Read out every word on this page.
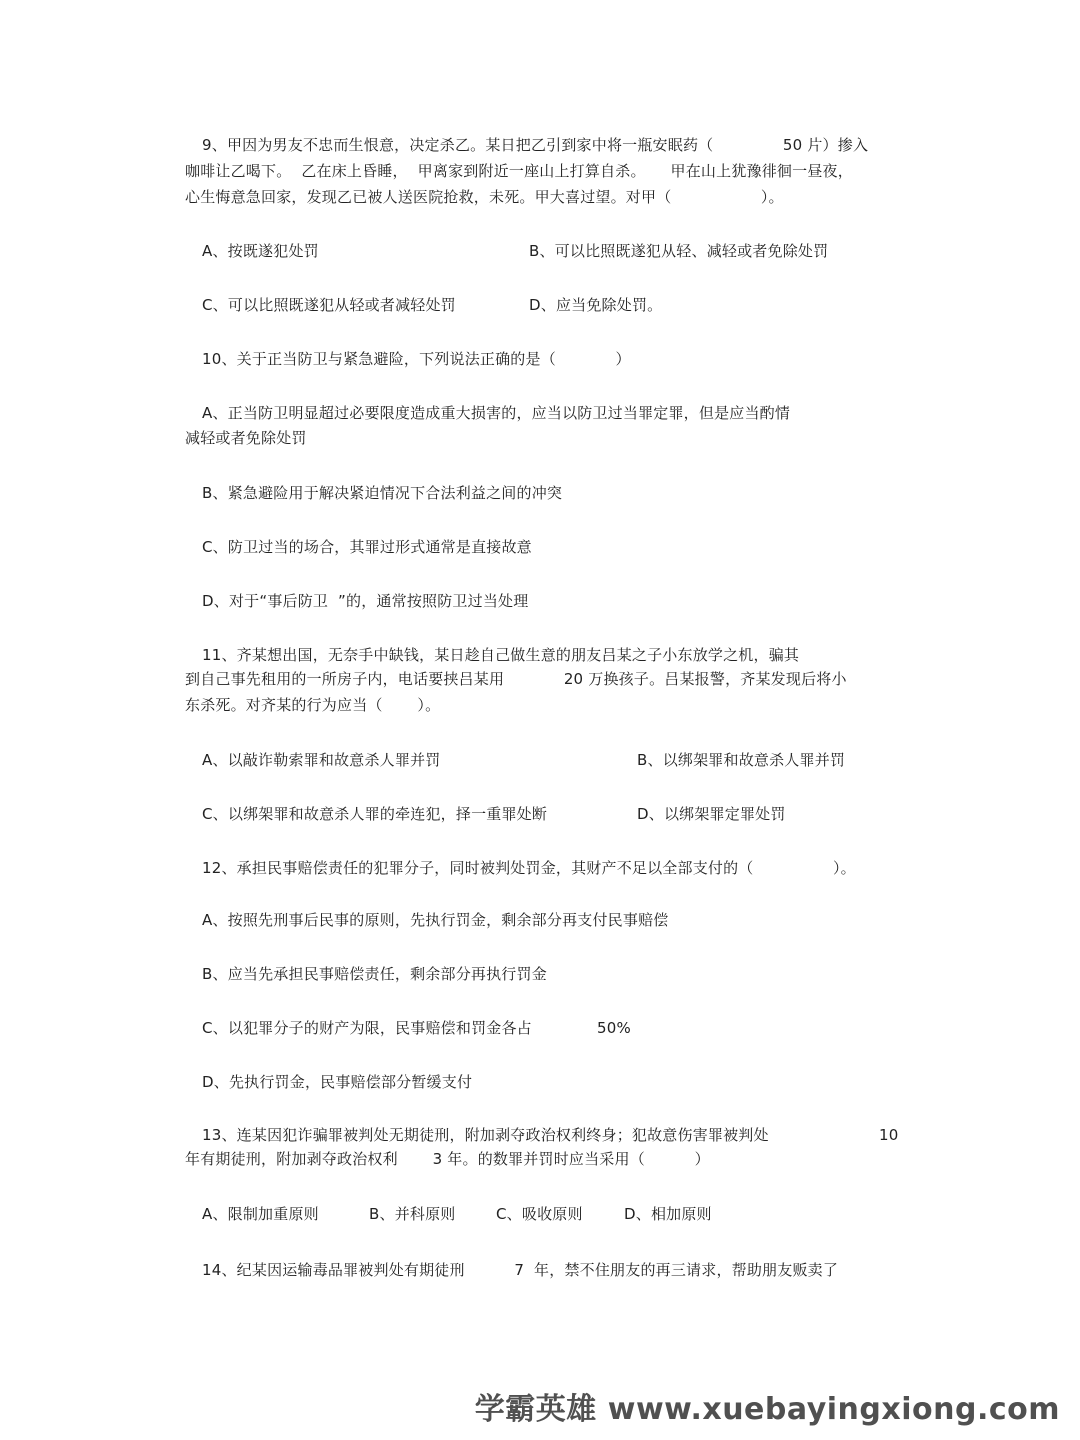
9、甲因为男友不忠而生恨意，决定杀乙。某日把乙引到家中将一瓶安眠药（              50 片）掺入
咖啡让乙喝下。  乙在床上昏睡，  甲离家到附近一座山上打算自杀。     甲在山上犹豫徘徊一昼夜，
心生悔意急回家，发现乙已被人送医院抢救，未死。甲大喜过望。对甲（                  ）。
A、按既遂犯处罚	B、可以比照既遂犯从轻、减轻或者免除处罚
C、可以比照既遂犯从轻或者减轻处罚	D、应当免除处罚。
10、关于正当防卫与紧急避险，下列说法正确的是（            ）
A、正当防卫明显超过必要限度造成重大损害的，应当以防卫过当罪定罪，但是应当酌情
减轻或者免除处罚
B、紧急避险用于解决紧迫情况下合法利益之间的冲突
C、防卫过当的场合，其罪过形式通常是直接故意
D、对于“事后防卫  ”的，通常按照防卫过当处理
11、齐某想出国，无奈手中缺钱，某日趁自己做生意的朋友吕某之子小东放学之机，骗其
到自己事先租用的一所房子内，电话要挟吕某用            20 万换孩子。吕某报警，齐某发现后将小
东杀死。对齐某的行为应当（       ）。
A、以敲诈勒索罪和故意杀人罪并罚	B、以绑架罪和故意杀人罪并罚
C、以绑架罪和故意杀人罪的牵连犯，择一重罪处断	D、以绑架罪定罪处罚
12、承担民事赔偿责任的犯罪分子，同时被判处罚金，其财产不足以全部支付的（                ）。
A、按照先刑事后民事的原则，先执行罚金，剩余部分再支付民事赔偿
B、应当先承担民事赔偿责任，剩余部分再执行罚金
C、以犯罪分子的财产为限，民事赔偿和罚金各占	50%
D、先执行罚金，民事赔偿部分暂缓支付
13、连某因犯诈骗罪被判处无期徒刑，附加剥夺政治权利终身；犯故意伤害罪被判处	10
年有期徒刑，附加剥夺政治权利       3 年。的数罪并罚时应当采用（          ）
A、限制加重原则	B、并科原则	C、吸收原则	D、相加原则
14、纪某因运输毒品罪被判处有期徒刑          7  年，禁不住朋友的再三请求，帮助朋友贩卖了
学霸英雄 www.xuebayingxiong.com
